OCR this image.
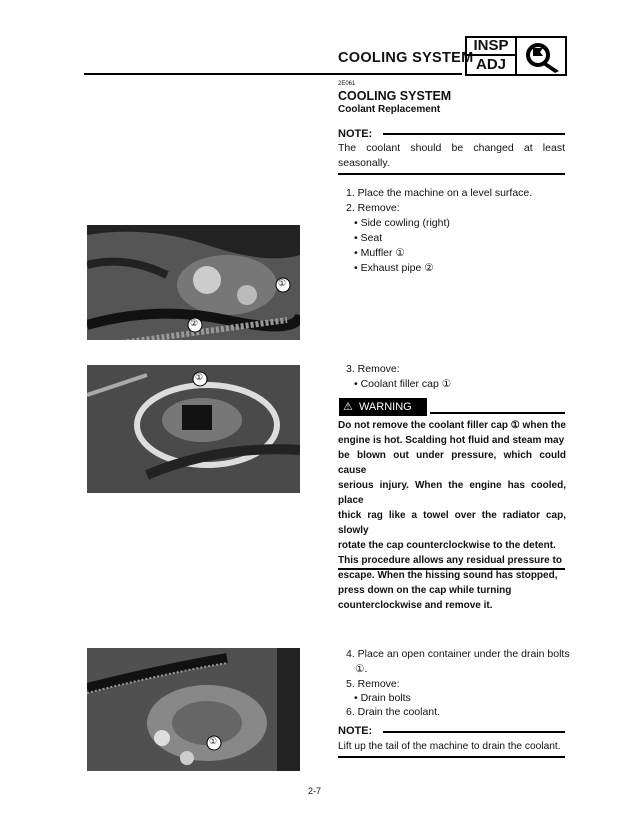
COOLING SYSTEM
INSP
ADJ
2E061
COOLING SYSTEM
Coolant Replacement
NOTE:
The coolant should be changed at least seasonally.
1. Place the machine on a level surface.
2. Remove:
• Side cowling (right)
• Seat
• Muffler ①
• Exhaust pipe ②
①
②
3. Remove:
• Coolant filler cap ①
①
⚠ WARNING
Do not remove the coolant filler cap ① when the
engine is hot. Scalding hot fluid and steam may
be blown out under pressure, which could cause
serious injury. When the engine has cooled, place
thick rag like a towel over the radiator cap, slowly
rotate the cap counterclockwise to the detent.
This procedure allows any residual pressure to
escape. When the hissing sound has stopped,
press down on the cap while turning
counterclockwise and remove it.
①
4. Place an open container under the drain bolts
①.
5. Remove:
• Drain bolts
6. Drain the coolant.
NOTE:
Lift up the tail of the machine to drain the coolant.
2-7
